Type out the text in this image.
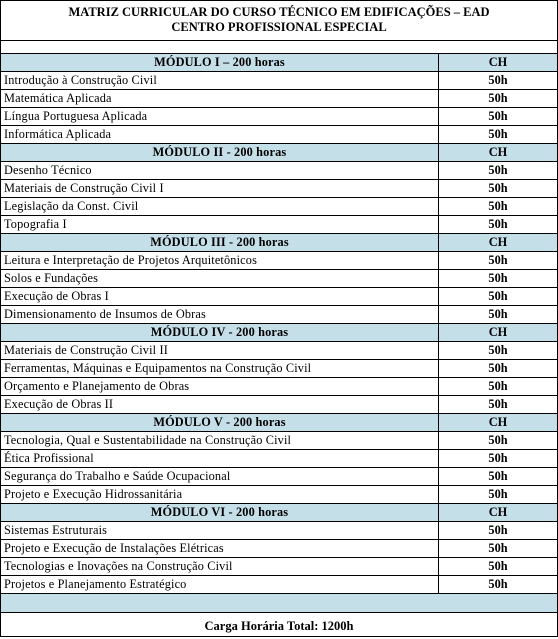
MATRIZ CURRICULAR DO CURSO TÉCNICO EM EDIFICAÇÕES – EAD
CENTRO PROFISSIONAL ESPECIAL
MÓDULO I – 200 horas	CH
Introdução à Construção Civil	50h
Matemática Aplicada	50h
Língua Portuguesa Aplicada	50h
Informática Aplicada	50h
MÓDULO II - 200 horas	CH
Desenho Técnico	50h
Materiais de Construção Civil I	50h
Legislação da Const. Civil	50h
Topografia I	50h
MÓDULO III - 200 horas	CH
Leitura e Interpretação de Projetos Arquitetônicos	50h
Solos e Fundações	50h
Execução de Obras I	50h
Dimensionamento de Insumos de Obras	50h
MÓDULO IV - 200 horas	CH
Materiais de Construção Civil II	50h
Ferramentas, Máquinas e Equipamentos na Construção Civil	50h
Orçamento e Planejamento de Obras	50h
Execução de Obras II	50h
MÓDULO V - 200 horas	CH
Tecnologia, Qual e Sustentabilidade na Construção Civil	50h
Ética Profissional	50h
Segurança do Trabalho e Saúde Ocupacional	50h
Projeto e Execução Hidrossanitária	50h
MÓDULO VI - 200 horas	CH
Sistemas Estruturais	50h
Projeto e Execução de Instalações Elétricas	50h
Tecnologias e Inovações na Construção Civil	50h
Projetos e Planejamento Estratégico	50h
Carga Horária Total: 1200h
